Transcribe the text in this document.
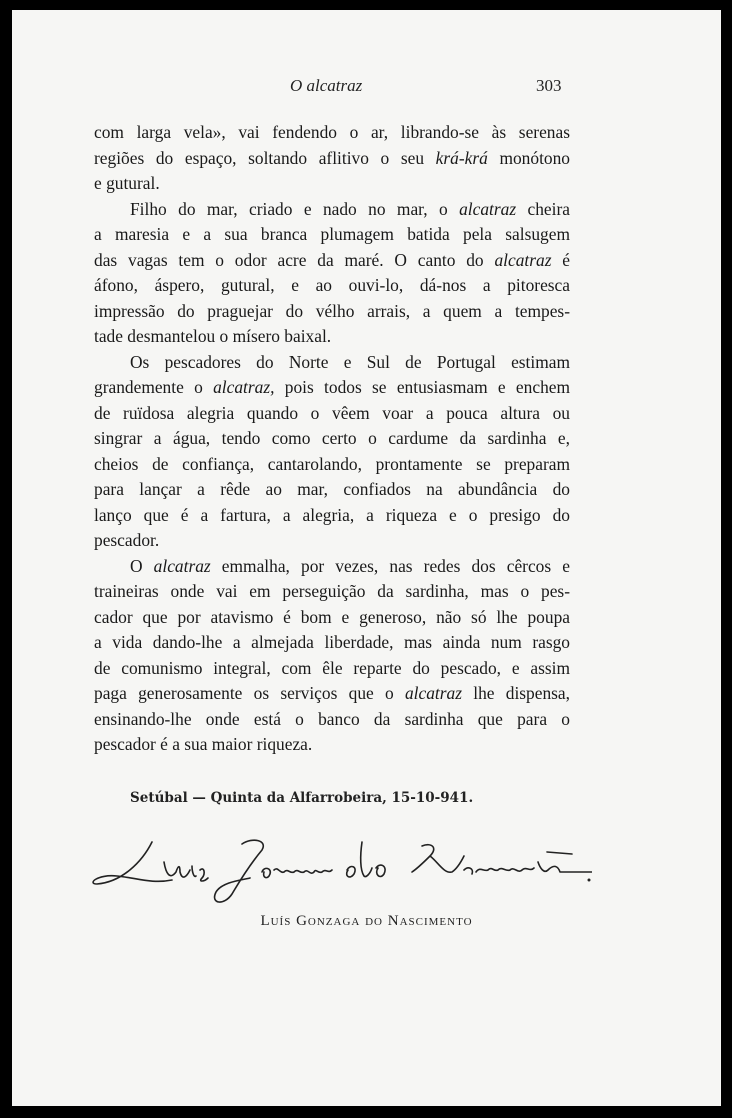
O alcatraz	303
com larga vela», vai fendendo o ar, librando-se às serenas
regiões do espaço, soltando aflitivo o seu krá-krá monótono
e gutural.
Filho do mar, criado e nado no mar, o alcatraz cheira
a maresia e a sua branca plumagem batida pela salsugem
das vagas tem o odor acre da maré. O canto do alcatraz é
áfono, áspero, gutural, e ao ouvi-lo, dá-nos a pitoresca
impressão do praguejar do vélho arrais, a quem a tempes-
tade desmantelou o mísero baixal.
Os pescadores do Norte e Sul de Portugal estimam
grandemente o alcatraz, pois todos se entusiasmam e enchem
de ruïdosa alegria quando o vêem voar a pouca altura ou
singrar a água, tendo como certo o cardume da sardinha e,
cheios de confiança, cantarolando, prontamente se preparam
para lançar a rêde ao mar, confiados na abundância do
lanço que é a fartura, a alegria, a riqueza e o presigo do
pescador.
O alcatraz emmalha, por vezes, nas redes dos cêrcos e
traineiras onde vai em perseguição da sardinha, mas o pes-
cador que por atavismo é bom e generoso, não só lhe poupa
a vida dando-lhe a almejada liberdade, mas ainda num rasgo
de comunismo integral, com êle reparte do pescado, e assim
paga generosamente os serviços que o alcatraz lhe dispensa,
ensinando-lhe onde está o banco da sardinha que para o
pescador é a sua maior riqueza.
Setúbal — Quinta da Alfarrobeira, 15-10-941.
Luís Gonzaga do Nascimento
